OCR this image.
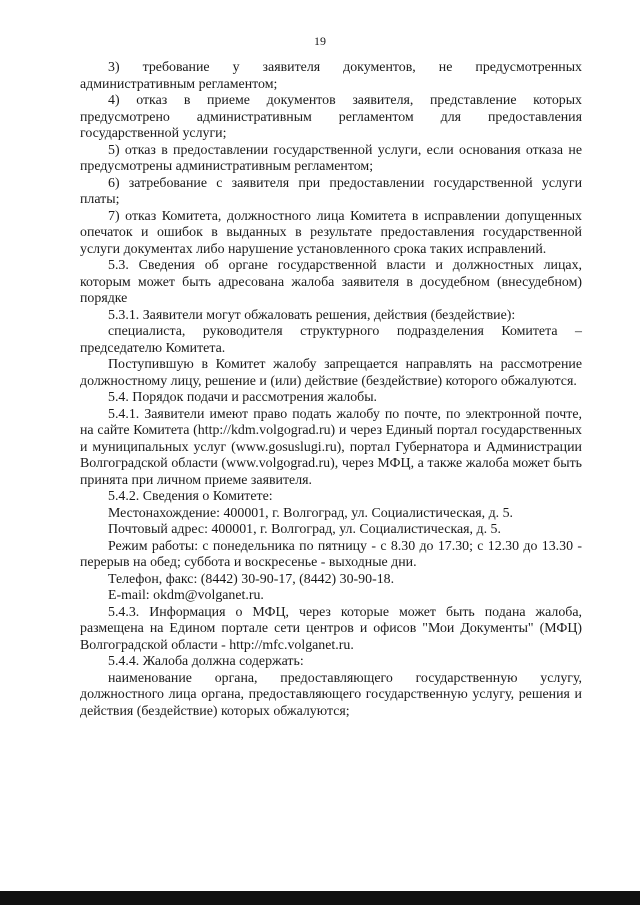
19

3) требование у заявителя документов, не предусмотренных административным регламентом;

4) отказ в приеме документов заявителя, представление которых предусмотрено административным регламентом для предоставления государственной услуги;

5) отказ в предоставлении государственной услуги, если основания отказа не предусмотрены административным регламентом;

6) затребование с заявителя при предоставлении государственной услуги платы;

7) отказ Комитета, должностного лица Комитета в исправлении допущенных опечаток и ошибок в выданных в результате предоставления государственной услуги документах либо нарушение установленного срока таких исправлений.

5.3. Сведения об органе государственной власти и должностных лицах, которым может быть адресована жалоба заявителя в досудебном (внесудебном) порядке

5.3.1. Заявители могут обжаловать решения, действия (бездействие):

специалиста, руководителя структурного подразделения Комитета – председателю Комитета.

Поступившую в Комитет жалобу запрещается направлять на рассмотрение должностному лицу, решение и (или) действие (бездействие) которого обжалуются.

5.4. Порядок подачи и рассмотрения жалобы.

5.4.1. Заявители имеют право подать жалобу по почте, по электронной почте, на сайте Комитета (http://kdm.volgograd.ru) и через Единый портал государственных и муниципальных услуг (www.gosuslugi.ru), портал Губернатора и Администрации Волгоградской области (www.volgograd.ru), через МФЦ, а также жалоба может быть принята при личном приеме заявителя.

5.4.2. Сведения о Комитете:

Местонахождение: 400001, г. Волгоград, ул. Социалистическая, д. 5.

Почтовый адрес: 400001, г. Волгоград, ул. Социалистическая, д. 5.

Режим работы: с понедельника по пятницу - с 8.30 до 17.30; с 12.30 до 13.30 - перерыв на обед; суббота и воскресенье - выходные дни.

Телефон, факс: (8442) 30-90-17, (8442) 30-90-18.

E-mail: okdm@volganet.ru.

5.4.3. Информация о МФЦ, через которые может быть подана жалоба, размещена на Едином портале сети центров и офисов "Мои Документы" (МФЦ) Волгоградской области - http://mfc.volganet.ru.

5.4.4. Жалоба должна содержать:

наименование органа, предоставляющего государственную услугу, должностного лица органа, предоставляющего государственную услугу, решения и действия (бездействие) которых обжалуются;
